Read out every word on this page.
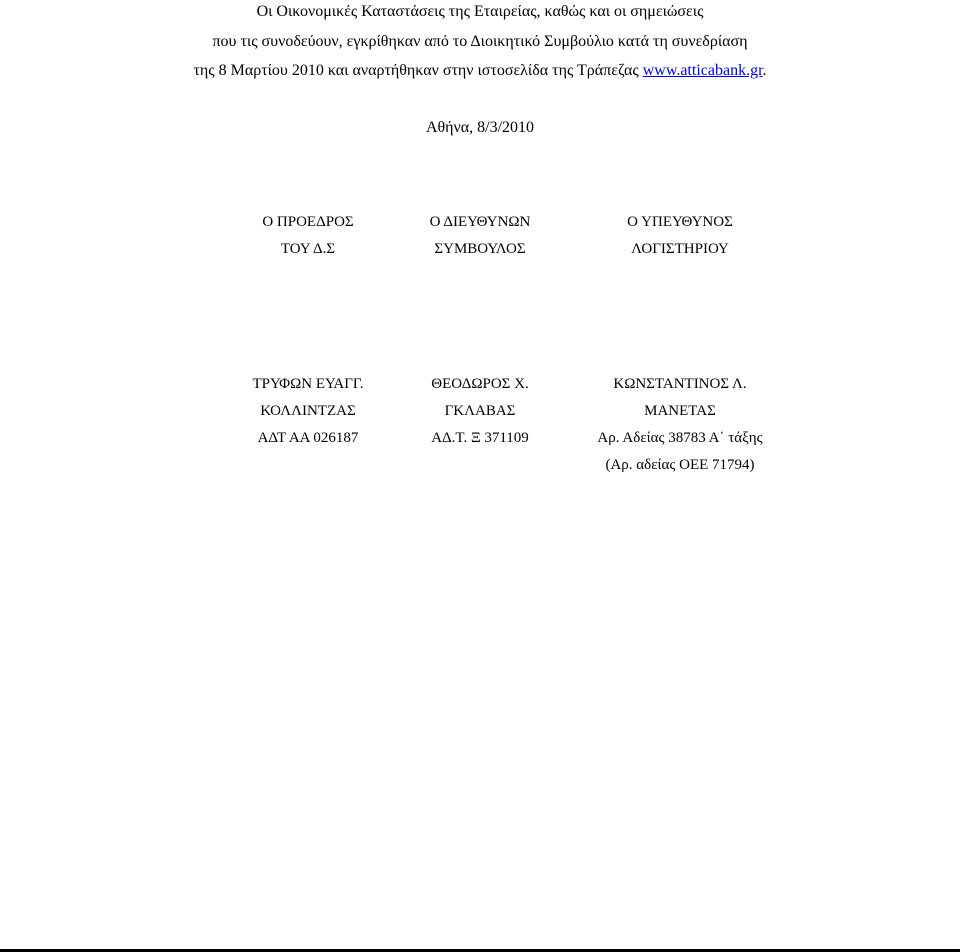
Οι Οικονομικές Καταστάσεις της Εταιρείας, καθώς και οι σημειώσεις
που τις συνοδεύουν, εγκρίθηκαν από το Διοικητικό Συμβούλιο κατά τη συνεδρίαση
της 8 Μαρτίου 2010 και αναρτήθηκαν στην ιστοσελίδα της Τράπεζας www.atticabank.gr.
Αθήνα, 8/3/2010
Ο ΠΡΟΕΔΡΟΣ
ΤΟΥ Δ.Σ
Ο ΔΙΕΥΘΥΝΩΝ
ΣΥΜΒΟΥΛΟΣ
Ο ΥΠΕΥΘΥΝΟΣ
ΛΟΓΙΣΤΗΡΙΟΥ
ΤΡΥΦΩΝ ΕΥΑΓΓ.
ΚΟΛΛΙΝΤΖΑΣ
ΑΔΤ ΑΑ 026187
ΘΕΟΔΩΡΟΣ Χ.
ΓΚΛΑΒΑΣ
ΑΔ.Τ. Ξ 371109
ΚΩΝΣΤΑΝΤΙΝΟΣ Λ.
ΜΑΝΕΤΑΣ
Αρ. Αδείας 38783 Α΄ τάξης
(Αρ. αδείας ΟΕΕ 71794)
